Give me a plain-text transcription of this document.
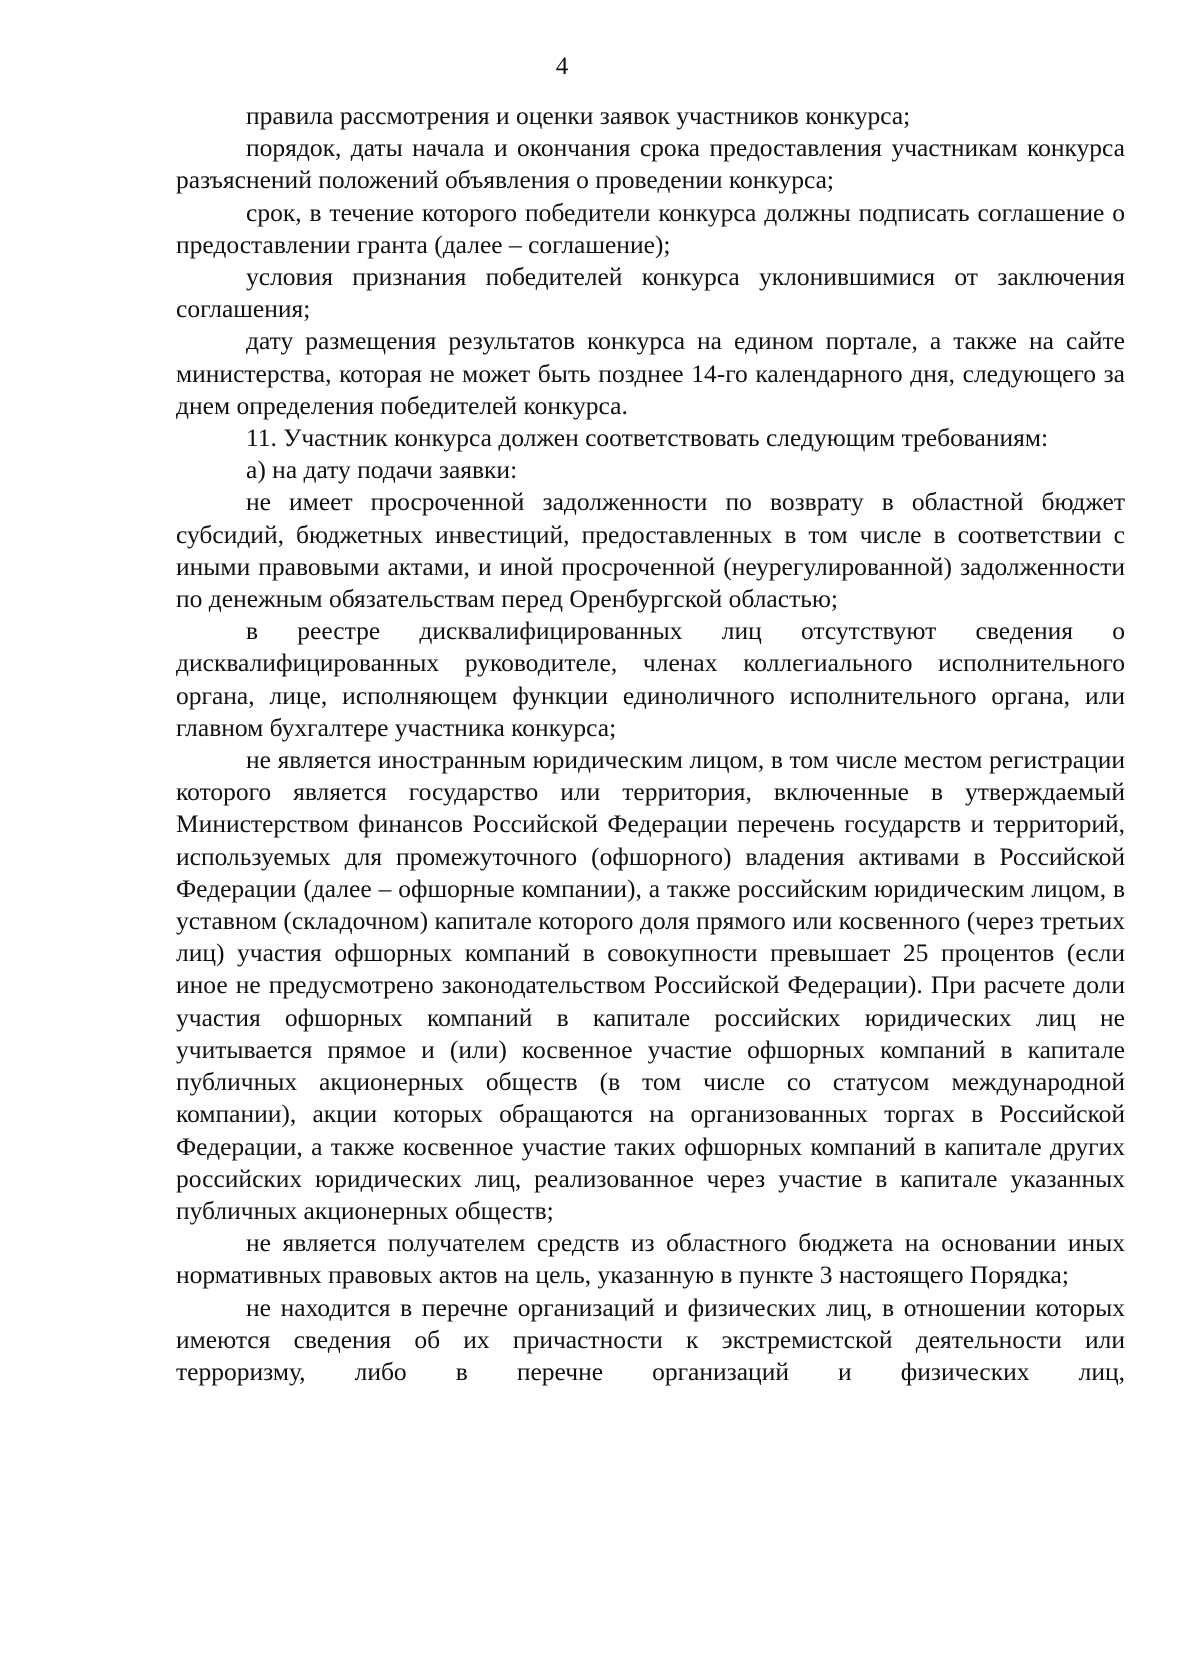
4

правила рассмотрения и оценки заявок участников конкурса;

порядок, даты начала и окончания срока предоставления участникам конкурса разъяснений положений объявления о проведении конкурса;

срок, в течение которого победители конкурса должны подписать соглашение о предоставлении гранта (далее – соглашение);

условия признания победителей конкурса уклонившимися от заключения соглашения;

дату размещения результатов конкурса на едином портале, а также на сайте министерства, которая не может быть позднее 14-го календарного дня, следующего за днем определения победителей конкурса.

11. Участник конкурса должен соответствовать следующим требованиям:

а) на дату подачи заявки:

не имеет просроченной задолженности по возврату в областной бюджет субсидий, бюджетных инвестиций, предоставленных в том числе в соответствии с иными правовыми актами, и иной просроченной (неурегулированной) задолженности по денежным обязательствам перед Оренбургской областью;

в реестре дисквалифицированных лиц отсутствуют сведения о дисквалифицированных руководителе, членах коллегиального исполнительного органа, лице, исполняющем функции единоличного исполнительного органа, или главном бухгалтере участника конкурса;

не является иностранным юридическим лицом, в том числе местом регистрации которого является государство или территория, включенные в утверждаемый Министерством финансов Российской Федерации перечень государств и территорий, используемых для промежуточного (офшорного) владения активами в Российской Федерации (далее – офшорные компании), а также российским юридическим лицом, в уставном (складочном) капитале которого доля прямого или косвенного (через третьих лиц) участия офшорных компаний в совокупности превышает 25 процентов (если иное не предусмотрено законодательством Российской Федерации). При расчете доли участия офшорных компаний в капитале российских юридических лиц не учитывается прямое и (или) косвенное участие офшорных компаний в капитале публичных акционерных обществ (в том числе со статусом международной компании), акции которых обращаются на организованных торгах в Российской Федерации, а также косвенное участие таких офшорных компаний в капитале других российских юридических лиц, реализованное через участие в капитале указанных публичных акционерных обществ;

не является получателем средств из областного бюджета на основании иных нормативных правовых актов на цель, указанную в пункте 3 настоящего Порядка;

не находится в перечне организаций и физических лиц, в отношении которых имеются сведения об их причастности к экстремистской деятельности или терроризму, либо в перечне организаций и физических лиц,
